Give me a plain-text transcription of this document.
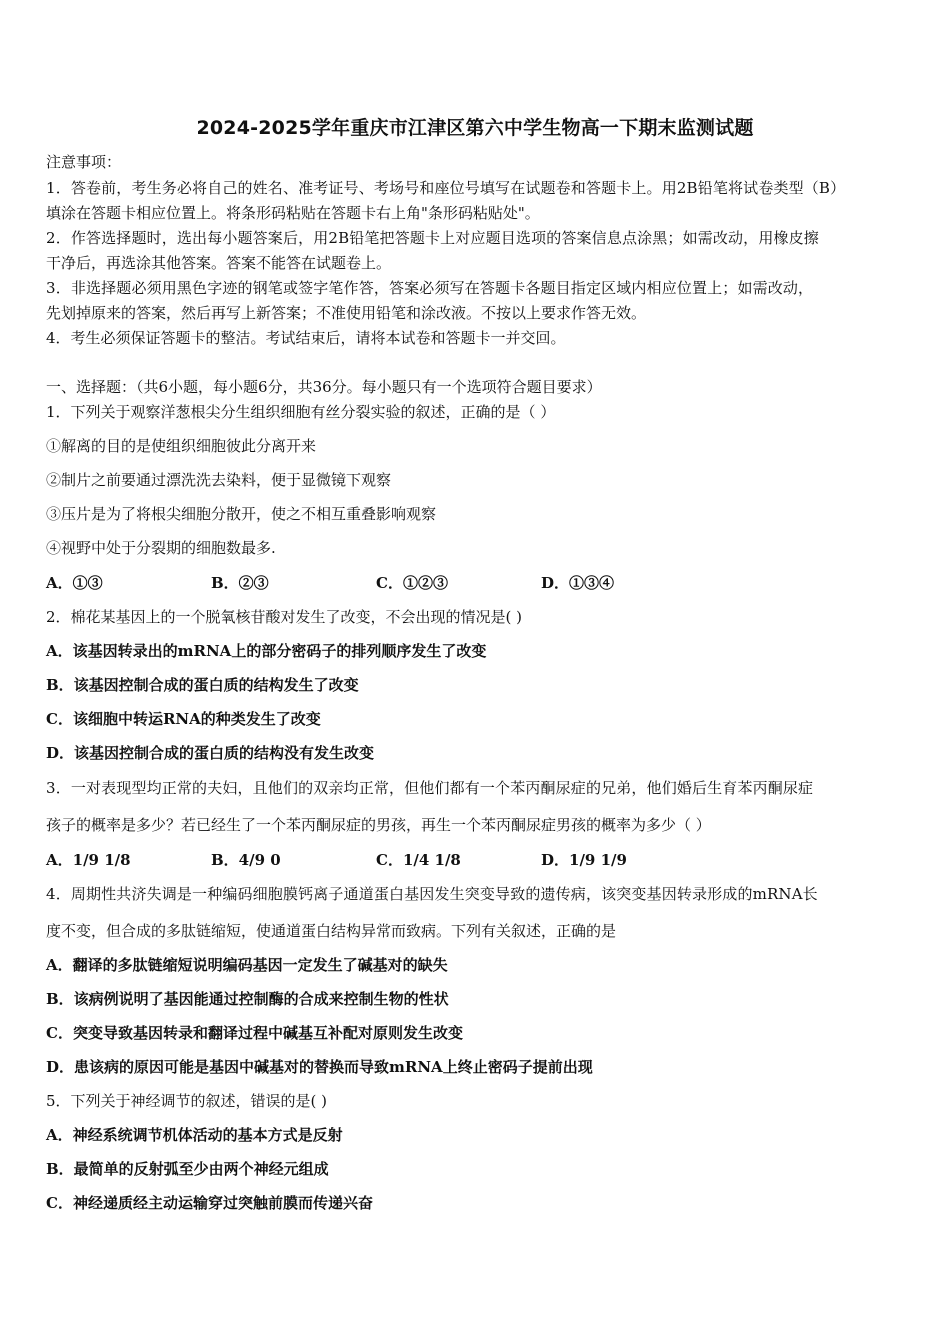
2024-2025学年重庆市江津区第六中学生物高一下期末监测试题
注意事项：
1．答卷前，考生务必将自己的姓名、准考证号、考场号和座位号填写在试题卷和答题卡上。用2B铅笔将试卷类型（B）
填涂在答题卡相应位置上。将条形码粘贴在答题卡右上角"条形码粘贴处"。
2．作答选择题时，选出每小题答案后，用2B铅笔把答题卡上对应题目选项的答案信息点涂黑；如需改动，用橡皮擦
干净后，再选涂其他答案。答案不能答在试题卷上。
3．非选择题必须用黑色字迹的钢笔或签字笔作答，答案必须写在答题卡各题目指定区域内相应位置上；如需改动，
先划掉原来的答案，然后再写上新答案；不准使用铅笔和涂改液。不按以上要求作答无效。
4．考生必须保证答题卡的整洁。考试结束后，请将本试卷和答题卡一并交回。
一、选择题：（共6小题，每小题6分，共36分。每小题只有一个选项符合题目要求）
1．下列关于观察洋葱根尖分生组织细胞有丝分裂实验的叙述，正确的是（ ）
①解离的目的是使组织细胞彼此分离开来
②制片之前要通过漂洗洗去染料，便于显微镜下观察
③压片是为了将根尖细胞分散开，使之不相互重叠影响观察
④视野中处于分裂期的细胞数最多.
A．①③	B．②③	C．①②③	D．①③④
2．棉花某基因上的一个脱氧核苷酸对发生了改变，不会出现的情况是( )
A．该基因转录出的mRNA上的部分密码子的排列顺序发生了改变
B．该基因控制合成的蛋白质的结构发生了改变
C．该细胞中转运RNA的种类发生了改变
D．该基因控制合成的蛋白质的结构没有发生改变
3．一对表现型均正常的夫妇，且他们的双亲均正常，但他们都有一个苯丙酮尿症的兄弟，他们婚后生育苯丙酮尿症
孩子的概率是多少？若已经生了一个苯丙酮尿症的男孩，再生一个苯丙酮尿症男孩的概率为多少（ ）
A．1/9 1/8	B．4/9 0	C．1/4 1/8	D．1/9 1/9
4．周期性共济失调是一种编码细胞膜钙离子通道蛋白基因发生突变导致的遗传病，该突变基因转录形成的mRNA长
度不变，但合成的多肽链缩短，使通道蛋白结构异常而致病。下列有关叙述，正确的是
A．翻译的多肽链缩短说明编码基因一定发生了碱基对的缺失
B．该病例说明了基因能通过控制酶的合成来控制生物的性状
C．突变导致基因转录和翻译过程中碱基互补配对原则发生改变
D．患该病的原因可能是基因中碱基对的替换而导致mRNA上终止密码子提前出现
5．下列关于神经调节的叙述，错误的是( )
A．神经系统调节机体活动的基本方式是反射
B．最简单的反射弧至少由两个神经元组成
C．神经递质经主动运输穿过突触前膜而传递兴奋
